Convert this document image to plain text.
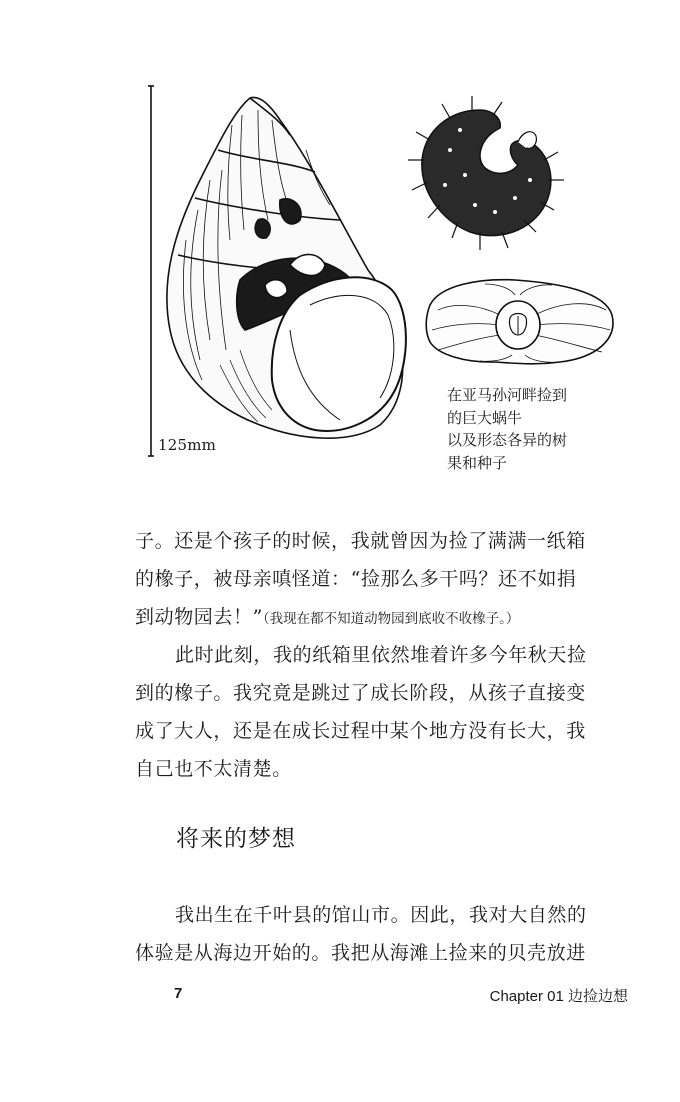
125mm
在亚马孙河畔捡到
的巨大蜗牛
以及形态各异的树
果和种子
子。还是个孩子的时候，我就曾因为捡了满满一纸箱
的橡子，被母亲嗔怪道：“捡那么多干吗？还不如捐
到动物园去！”（我现在都不知道动物园到底收不收橡子。）
此时此刻，我的纸箱里依然堆着许多今年秋天捡
到的橡子。我究竟是跳过了成长阶段，从孩子直接变
成了大人，还是在成长过程中某个地方没有长大，我
自己也不太清楚。
将来的梦想
我出生在千叶县的馆山市。因此，我对大自然的
体验是从海边开始的。我把从海滩上捡来的贝壳放进
7	Chapter 01 边捡边想
